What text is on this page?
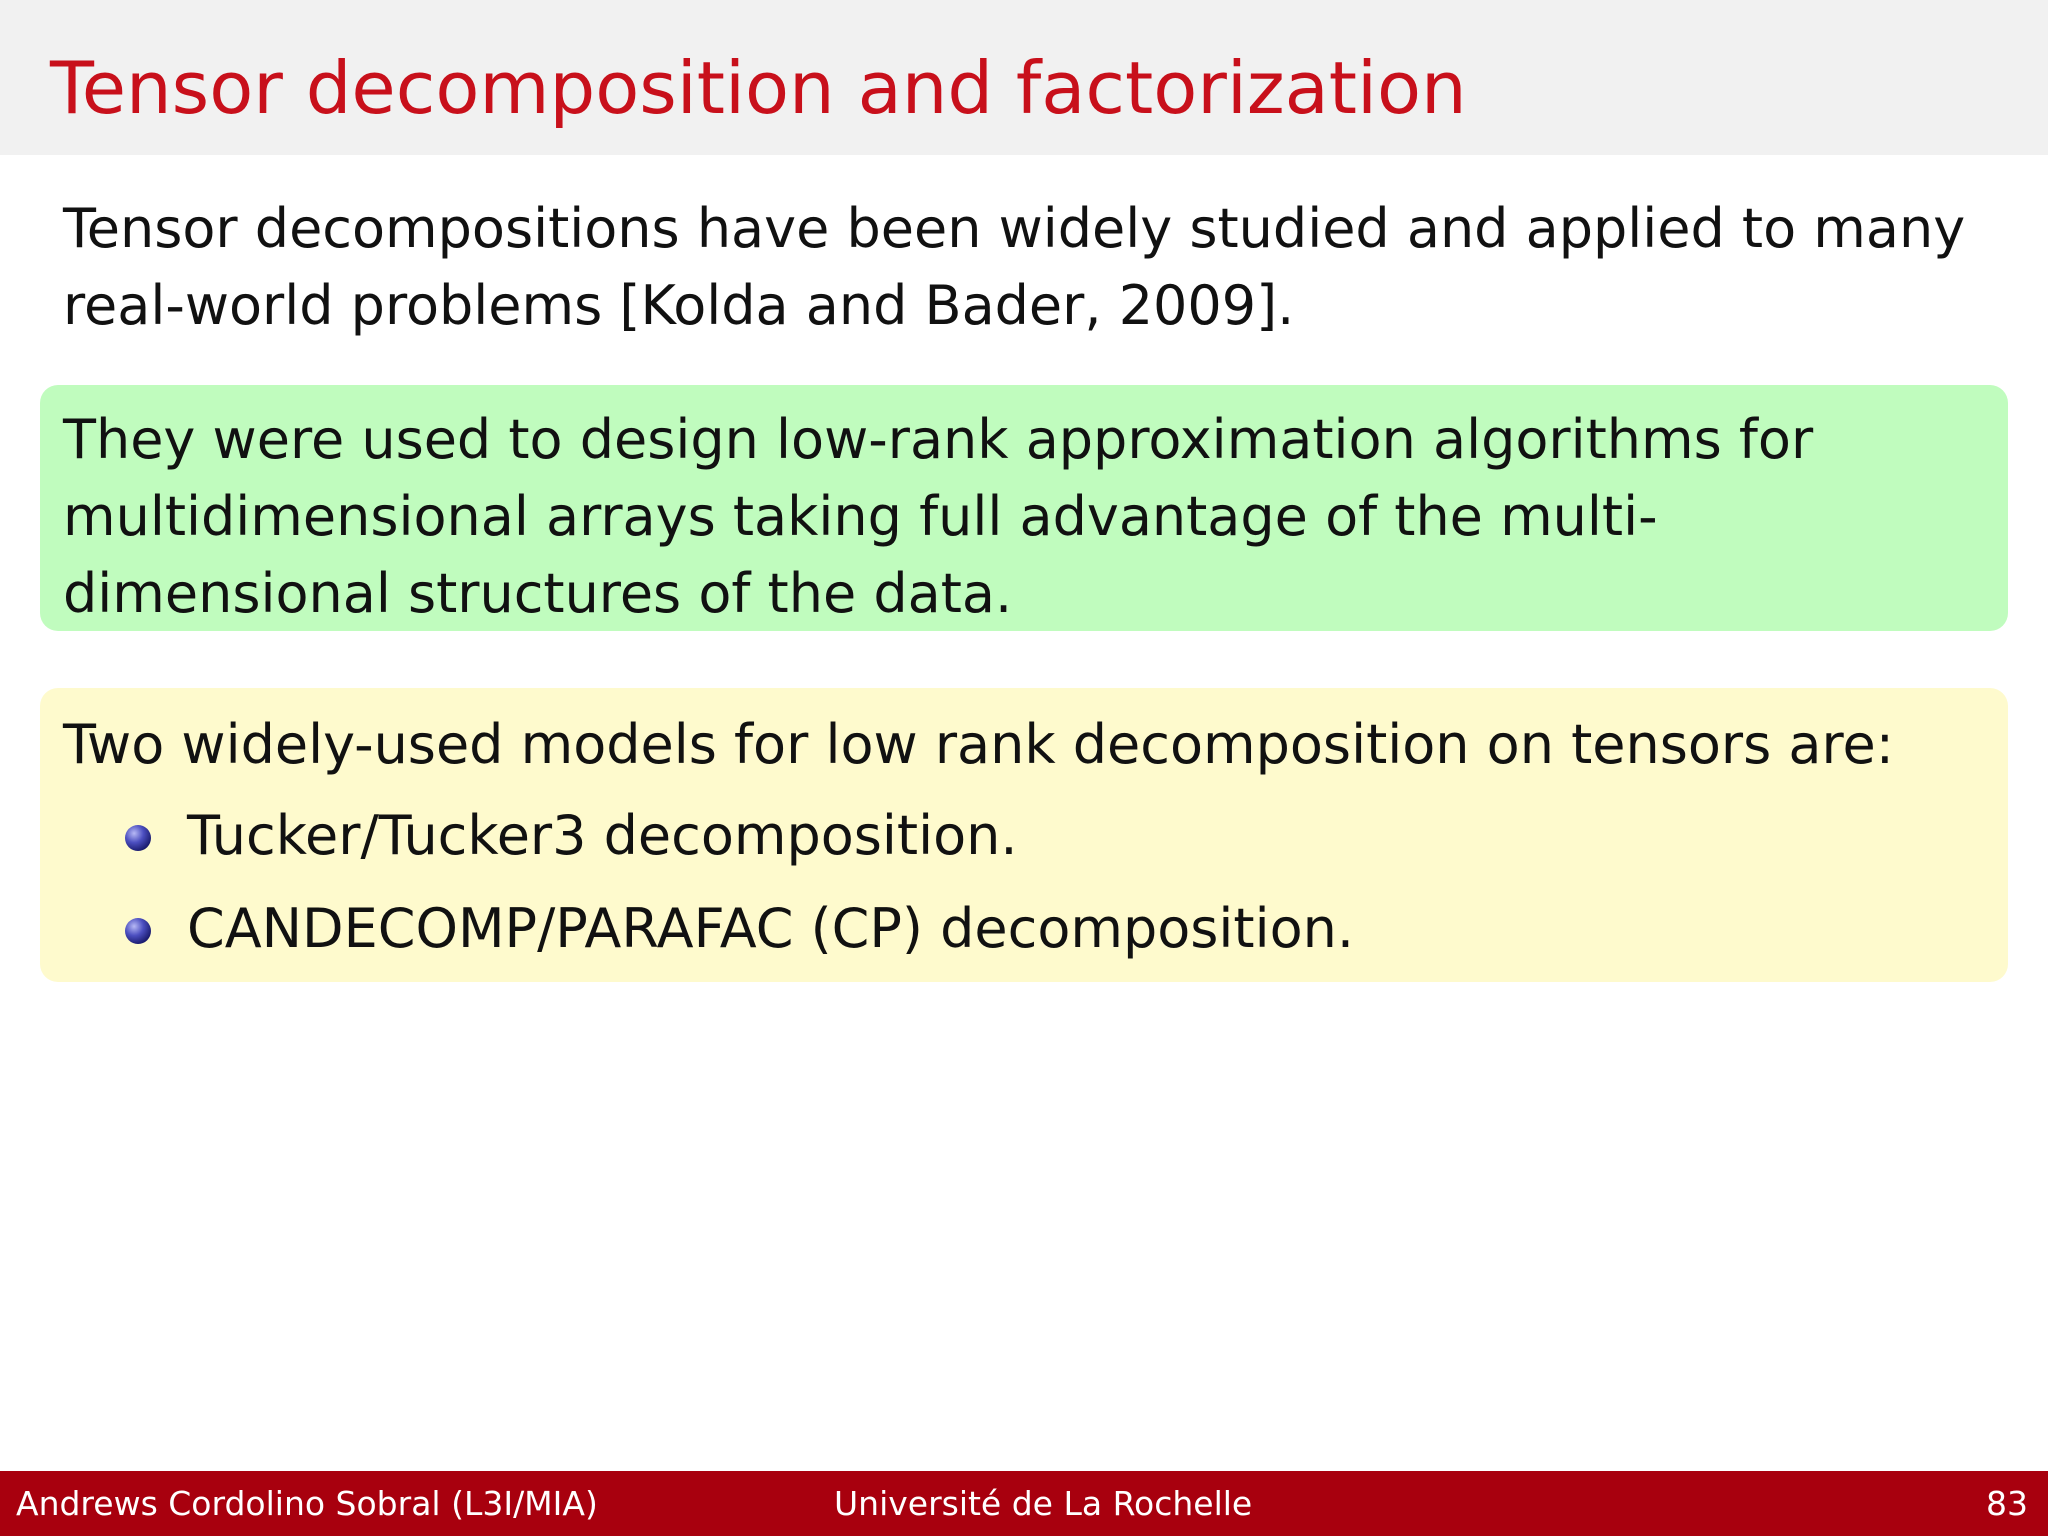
Tensor decomposition and factorization

Tensor decompositions have been widely studied and applied to many real-world problems [Kolda and Bader, 2009].

They were used to design low-rank approximation algorithms for multidimensional arrays taking full advantage of the multi-dimensional structures of the data.

Two widely-used models for low rank decomposition on tensors are:

Tucker/Tucker3 decomposition.
CANDECOMP/PARAFAC (CP) decomposition.
Andrews Cordolino Sobral (L3I/MIA)	Université de La Rochelle	83
